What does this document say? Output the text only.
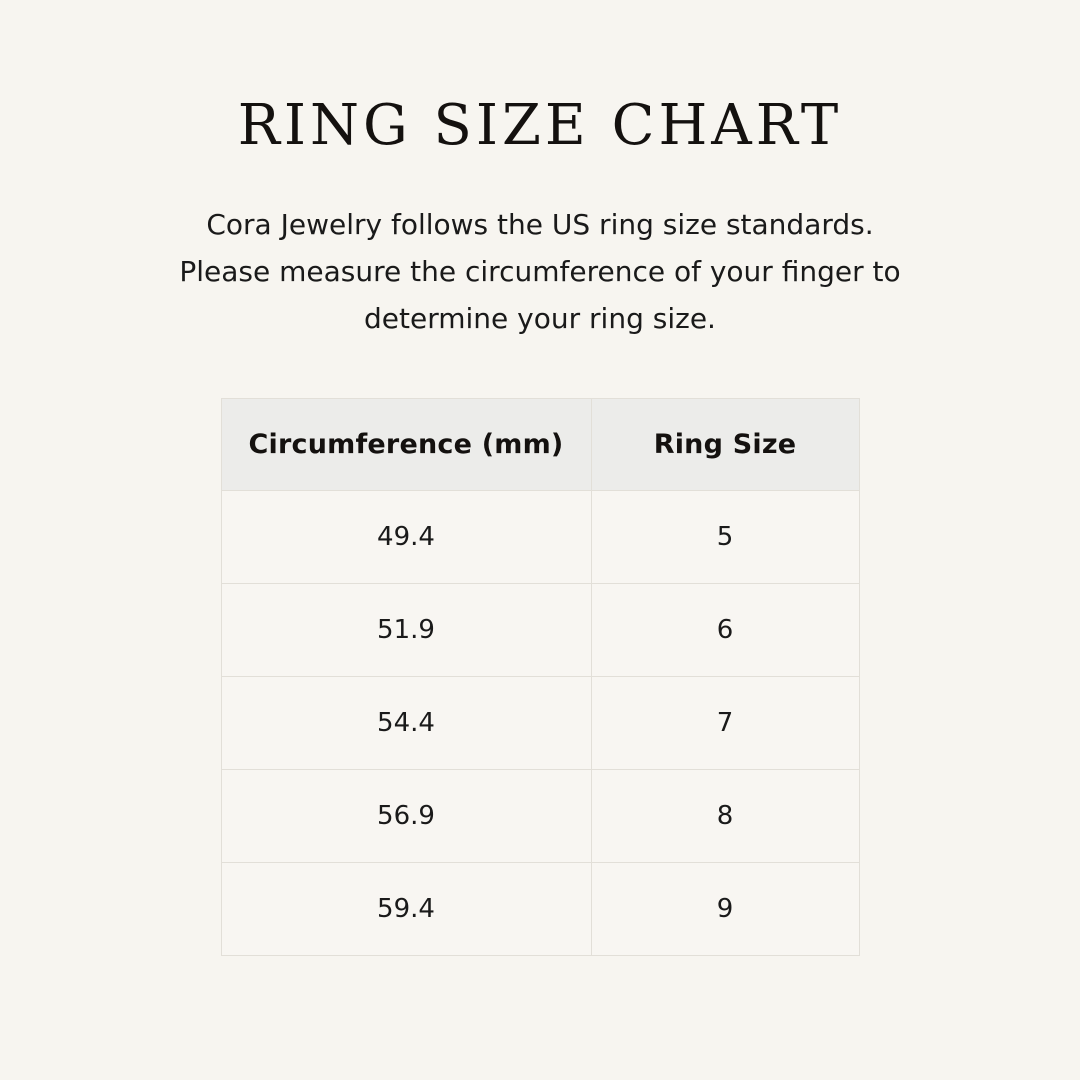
RING SIZE CHART

Cora Jewelry follows the US ring size standards.
Please measure the circumference of your finger to
determine your ring size.

Circumference (mm)	Ring Size
49.4	5
51.9	6
54.4	7
56.9	8
59.4	9
